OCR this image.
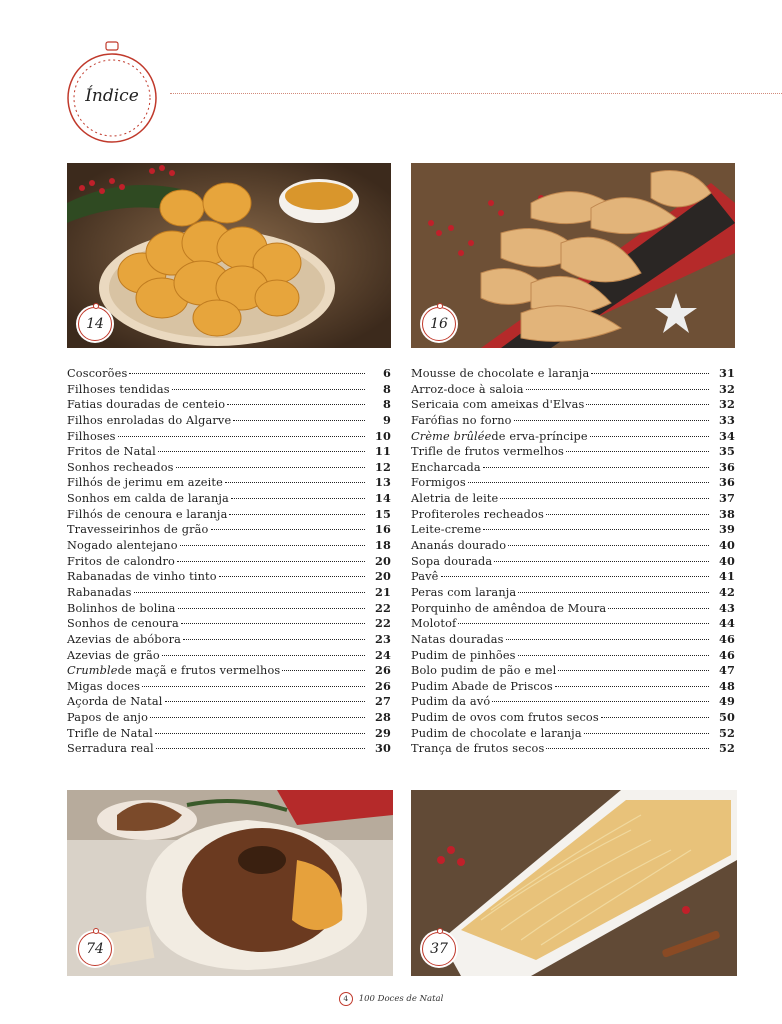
Índice
14	16
Coscorões	6
Filhoses tendidas	8
Fatias douradas de centeio	8
Filhos enroladas do Algarve	9
Filhoses	10
Fritos de Natal	11
Sonhos recheados	12
Filhós de jerimu em azeite	13
Sonhos em calda de laranja	14
Filhós de cenoura e laranja	15
Travesseirinhos de grão	16
Nogado alentejano	18
Fritos de calondro	20
Rabanadas de vinho tinto	20
Rabanadas	21
Bolinhos de bolina	22
Sonhos de cenoura	22
Azevias de abóbora	23
Azevias de grão	24
Crumble de maçã e frutos vermelhos	26
Migas doces	26
Açorda de Natal	27
Papos de anjo	28
Trifle de Natal	29
Serradura real	30
Mousse de chocolate e laranja	31
Arroz-doce à saloia	32
Sericaia com ameixas d'Elvas	32
Farófias no forno	33
Crème brûlée de erva-príncipe	34
Trifle de frutos vermelhos	35
Encharcada	36
Formigos	36
Aletria de leite	37
Profiteroles recheados	38
Leite-creme	39
Ananás dourado	40
Sopa dourada	40
Pavê	41
Peras com laranja	42
Porquinho de amêndoa de Moura	43
Molotof	44
Natas douradas	46
Pudim de pinhões	46
Bolo pudim de pão e mel	47
Pudim Abade de Priscos	48
Pudim da avó	49
Pudim de ovos com frutos secos	50
Pudim de chocolate e laranja	52
Trança de frutos secos	52
74	37
4 100 Doces de Natal
